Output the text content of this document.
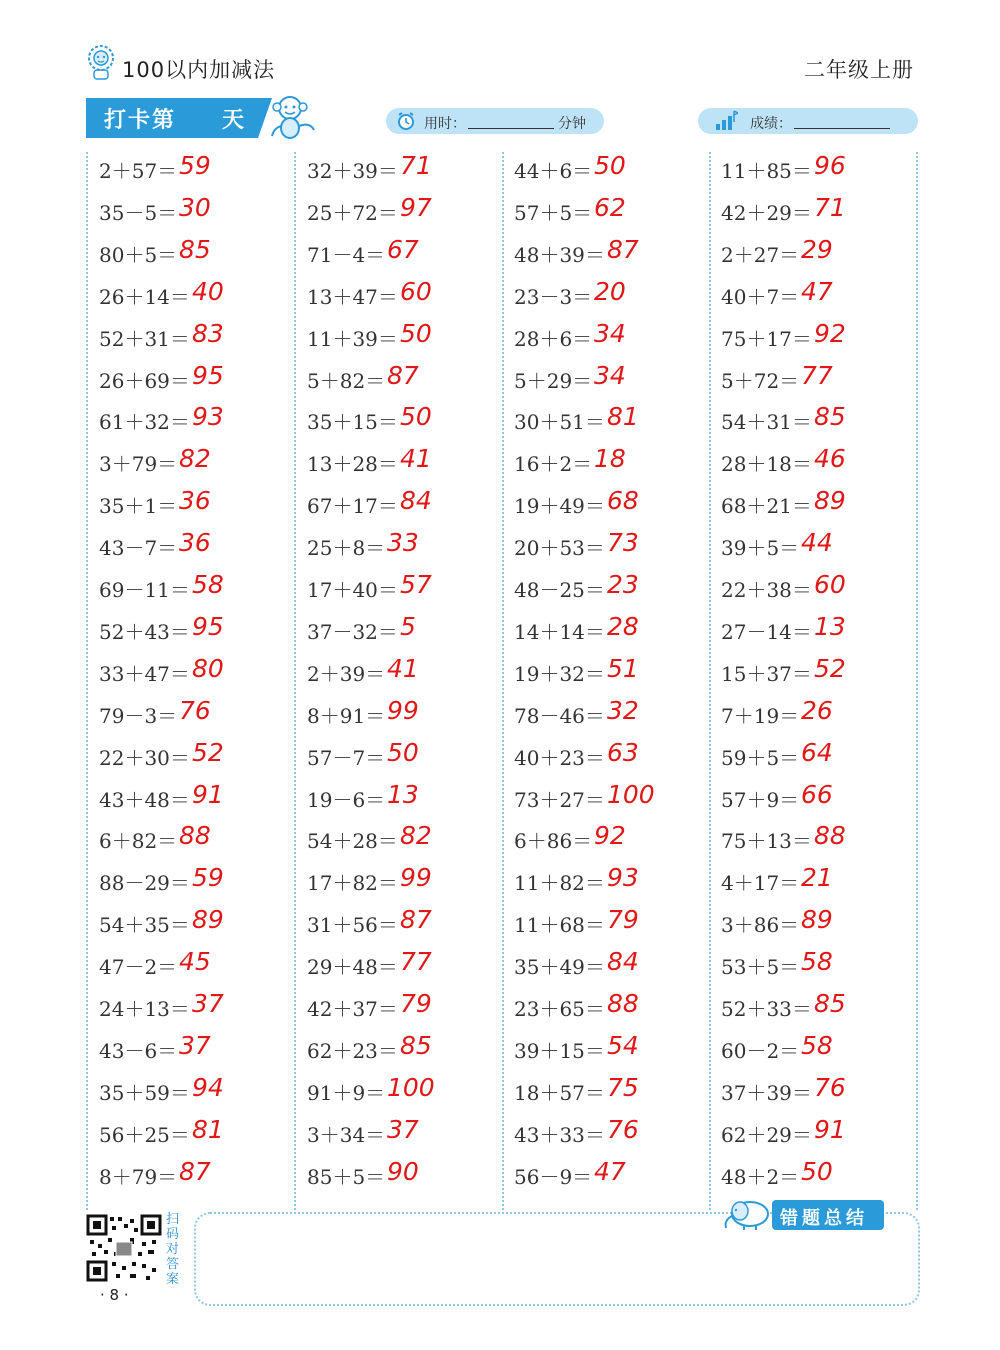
100以内加减法	二年级上册
打卡第 天	用时：	分钟	成绩：
2＋57＝ 59
35－5＝ 30
80＋5＝ 85
26＋14＝ 40
52＋31＝ 83
26＋69＝ 95
61＋32＝ 93
3＋79＝ 82
35＋1＝ 36
43－7＝ 36
69－11＝ 58
52＋43＝ 95
33＋47＝ 80
79－3＝ 76
22＋30＝ 52
43＋48＝ 91
6＋82＝ 88
88－29＝ 59
54＋35＝ 89
47－2＝ 45
24＋13＝ 37
43－6＝ 37
35＋59＝ 94
56＋25＝ 81
8＋79＝ 87
32＋39＝ 71
25＋72＝ 97
71－4＝ 67
13＋47＝ 60
11＋39＝ 50
5＋82＝ 87
35＋15＝ 50
13＋28＝ 41
67＋17＝ 84
25＋8＝ 33
17＋40＝ 57
37－32＝ 5
2＋39＝ 41
8＋91＝ 99
57－7＝ 50
19－6＝ 13
54＋28＝ 82
17＋82＝ 99
31＋56＝ 87
29＋48＝ 77
42＋37＝ 79
62＋23＝ 85
91＋9＝ 100
3＋34＝ 37
85＋5＝ 90
44＋6＝ 50
57＋5＝ 62
48＋39＝ 87
23－3＝ 20
28＋6＝ 34
5＋29＝ 34
30＋51＝ 81
16＋2＝ 18
19＋49＝ 68
20＋53＝ 73
48－25＝ 23
14＋14＝ 28
19＋32＝ 51
78－46＝ 32
40＋23＝ 63
73＋27＝ 100
6＋86＝ 92
11＋82＝ 93
11＋68＝ 79
35＋49＝ 84
23＋65＝ 88
39＋15＝ 54
18＋57＝ 75
43＋33＝ 76
56－9＝ 47
11＋85＝ 96
42＋29＝ 71
2＋27＝ 29
40＋7＝ 47
75＋17＝ 92
5＋72＝ 77
54＋31＝ 85
28＋18＝ 46
68＋21＝ 89
39＋5＝ 44
22＋38＝ 60
27－14＝ 13
15＋37＝ 52
7＋19＝ 26
59＋5＝ 64
57＋9＝ 66
75＋13＝ 88
4＋17＝ 21
3＋86＝ 89
53＋5＝ 58
52＋33＝ 85
60－2＝ 58
37＋39＝ 76
62＋29＝ 91
48＋2＝ 50
扫码对答案
· 8 ·
错题总结
